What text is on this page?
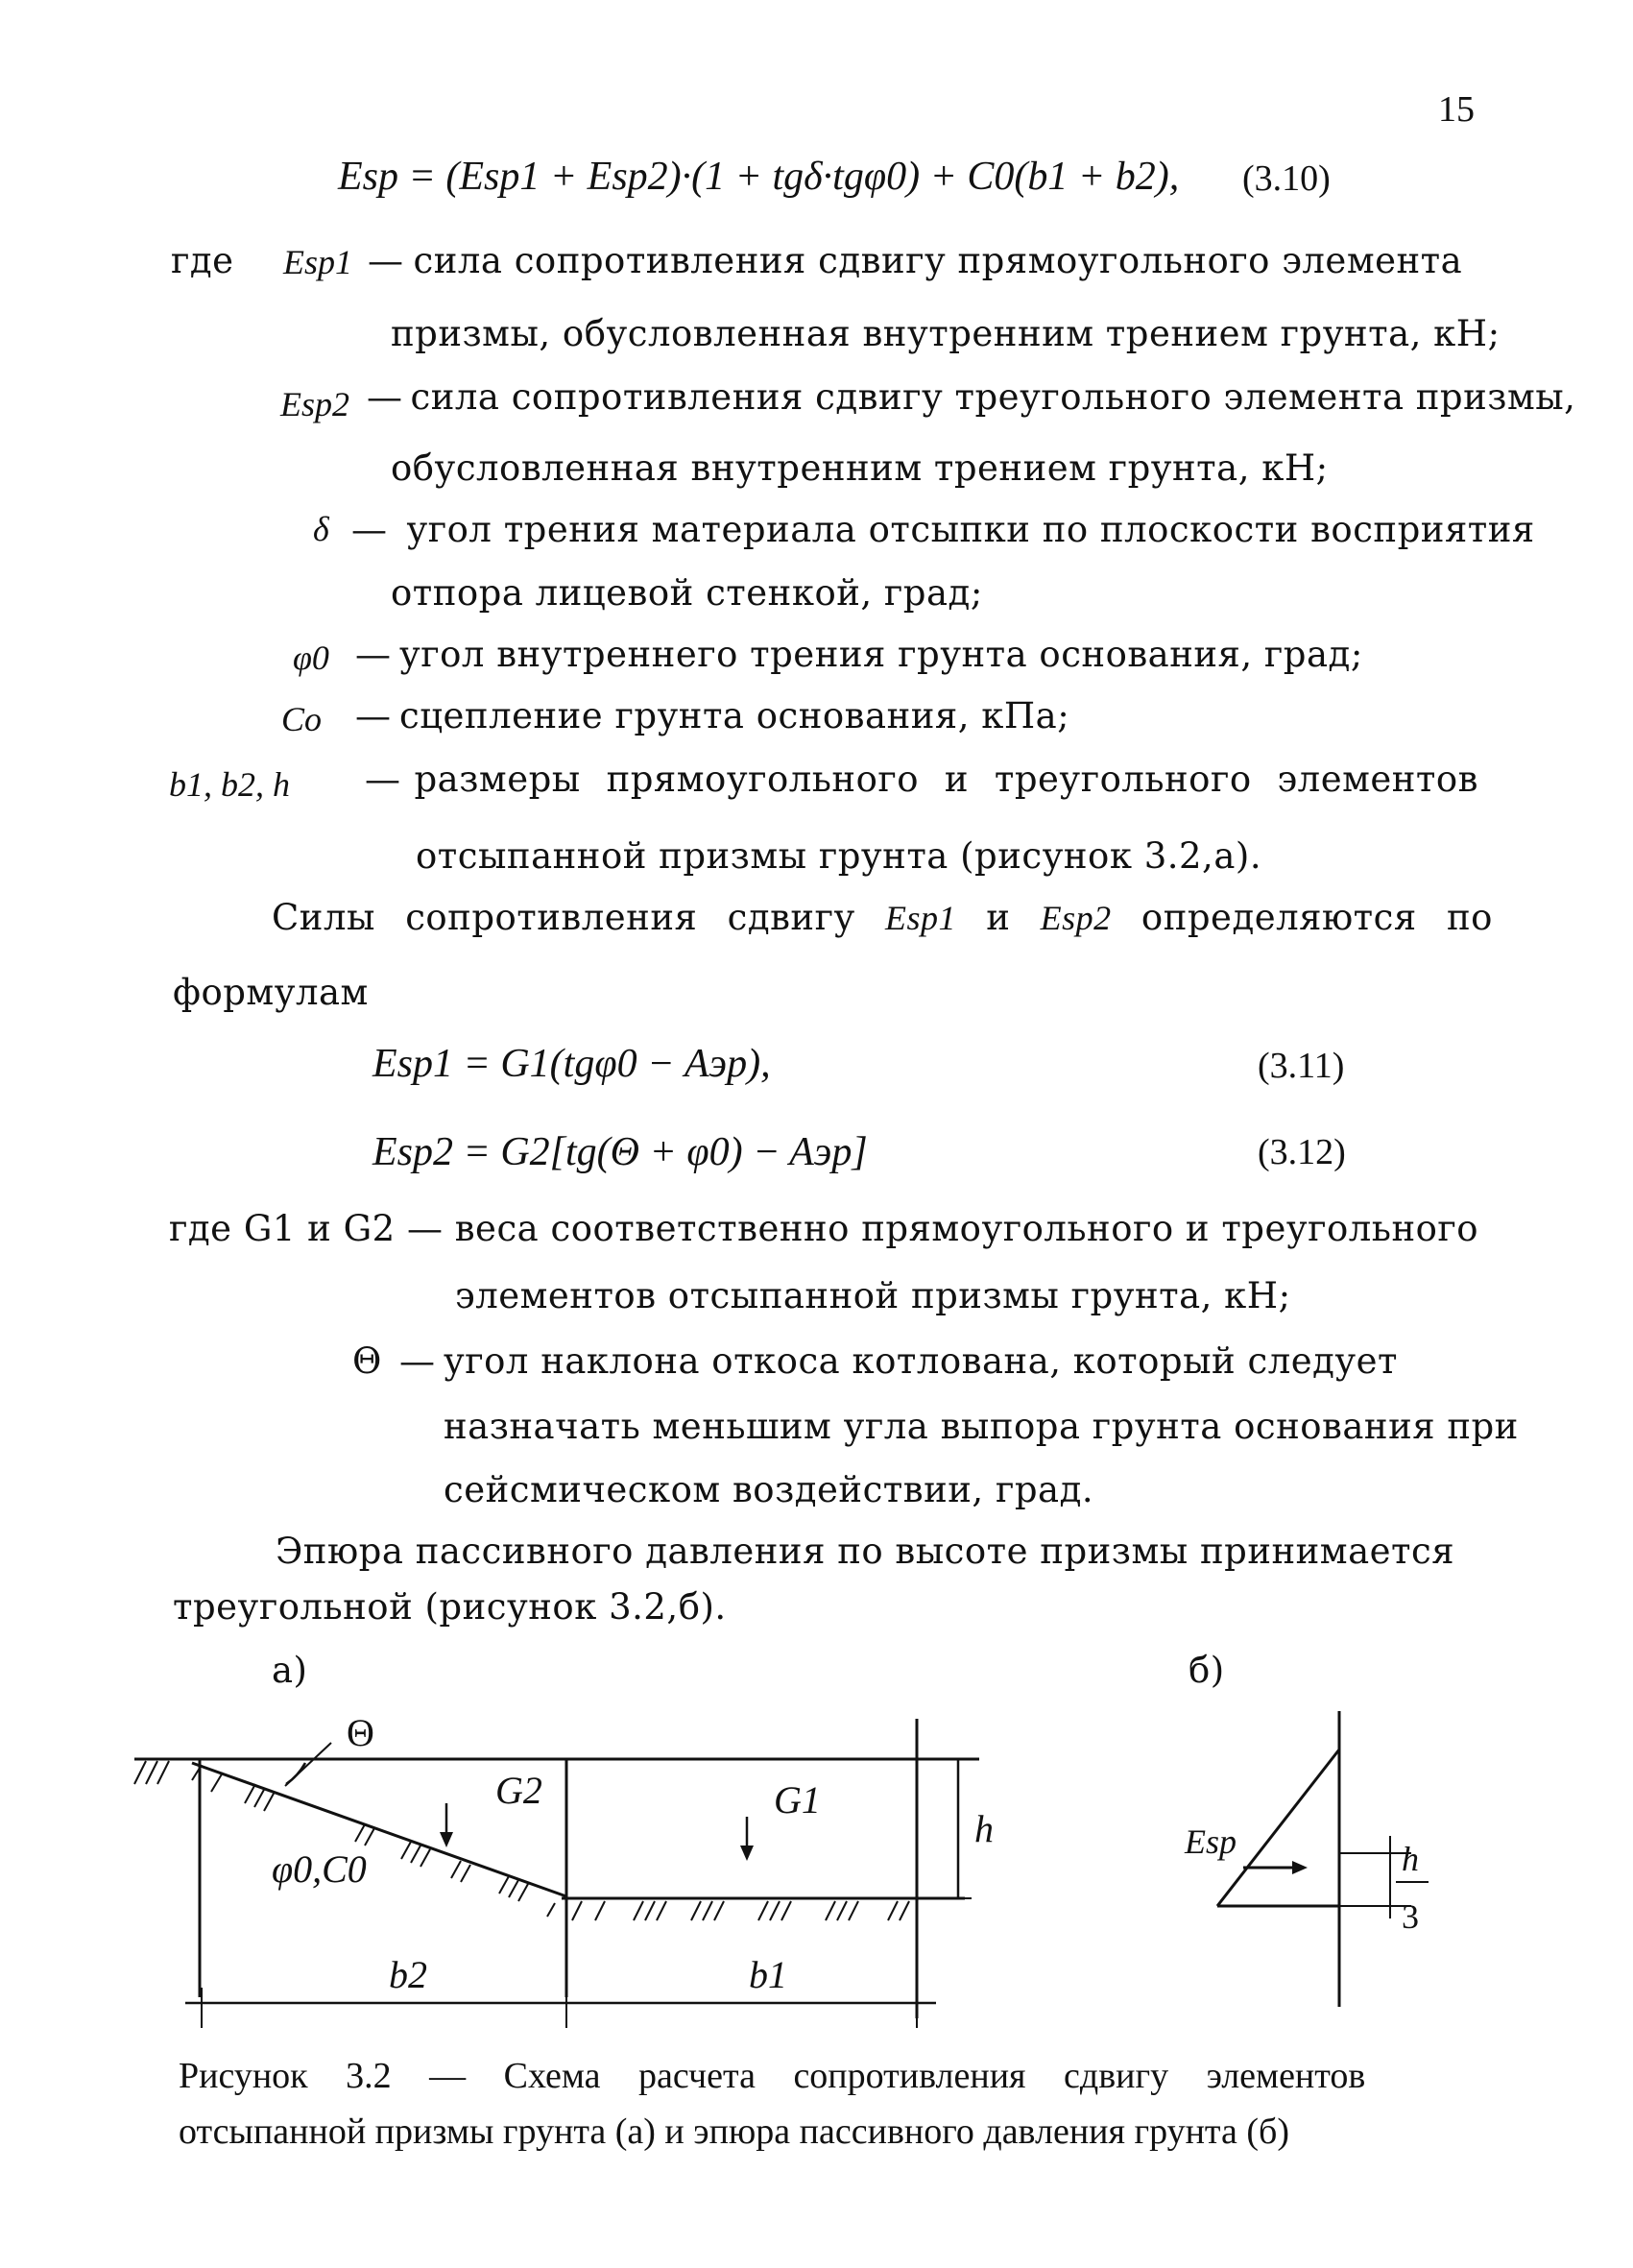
15
Esp = (Esp1 + Esp2)·(1 + tgδ·tgφ0) + C0(b1 + b2), (3.10)
где Esp1 — сила сопротивления сдвигу прямоугольного элемента
призмы, обусловленная внутренним трением грунта, кН;
Esp2 — сила сопротивления сдвигу треугольного элемента призмы,
обусловленная внутренним трением грунта, кН;
δ — угол трения материала отсыпки по плоскости восприятия
отпора лицевой стенкой, град;
φ0 — угол внутреннего трения грунта основания, град;
Co — сцепление грунта основания, кПа;
b1, b2, h — размеры прямоугольного и треугольного элементов
отсыпанной призмы грунта (рисунок 3.2,а).
Силы сопротивления сдвигу Esp1 и Esp2 определяются по
формулам
Esp1 = G1(tgφ0 − Aэр),	(3.11)
Esp2 = G2[tg(Θ + φ0) − Aэр]	(3.12)
где G1 и G2 — веса соответственно прямоугольного и треугольного
элементов отсыпанной призмы грунта, кН;
Θ — угол наклона откоса котлована, который следует
назначать меньшим угла выпора грунта основания при
сейсмическом воздействии, град.
Эпюра пассивного давления по высоте призмы принимается
треугольной (рисунок 3.2,б).
а)	б)
Θ
G2	G1
h
φ0,C0
b2	b1
Esp	h
3
Рисунок 3.2 — Схема расчета сопротивления сдвигу элементов
отсыпанной призмы грунта (а) и эпюра пассивного давления грунта (б)
